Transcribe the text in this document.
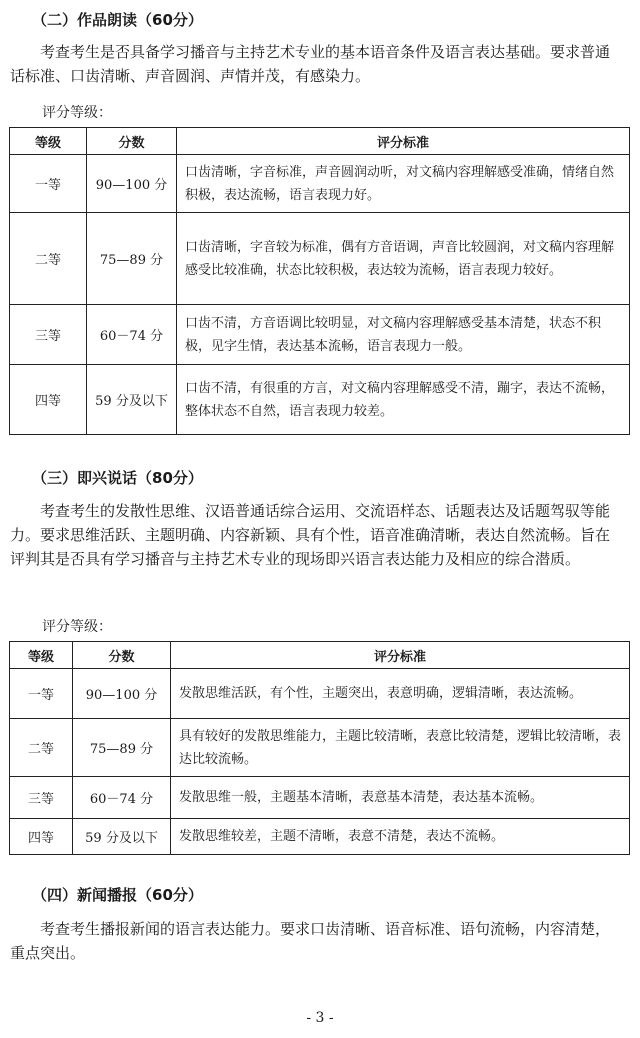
（二）作品朗读（60分）
考查考生是否具备学习播音与主持艺术专业的基本语音条件及语言表达基础。要求普通话标准、口齿清晰、声音圆润、声情并茂，有感染力。
评分等级：
等级	分数	评分标准
一等	90—100 分	口齿清晰，字音标准，声音圆润动听，对文稿内容理解感受准确，情绪自然积极，表达流畅，语言表现力好。
二等	75—89 分	口齿清晰，字音较为标准，偶有方音语调，声音比较圆润，对文稿内容理解感受比较准确，状态比较积极，表达较为流畅，语言表现力较好。
三等	60－74 分	口齿不清，方音语调比较明显，对文稿内容理解感受基本清楚，状态不积极，见字生情，表达基本流畅，语言表现力一般。
四等	59 分及以下	口齿不清，有很重的方言，对文稿内容理解感受不清，蹦字，表达不流畅，整体状态不自然，语言表现力较差。
（三）即兴说话（80分）
考查考生的发散性思维、汉语普通话综合运用、交流语样态、话题表达及话题驾驭等能力。要求思维活跃、主题明确、内容新颖、具有个性，语音准确清晰，表达自然流畅。旨在评判其是否具有学习播音与主持艺术专业的现场即兴语言表达能力及相应的综合潜质。
评分等级：
等级	分数	评分标准
一等	90—100 分	发散思维活跃，有个性，主题突出，表意明确，逻辑清晰，表达流畅。
二等	75—89 分	具有较好的发散思维能力，主题比较清晰，表意比较清楚，逻辑比较清晰，表达比较流畅。
三等	60－74 分	发散思维一般，主题基本清晰，表意基本清楚，表达基本流畅。
四等	59 分及以下	发散思维较差，主题不清晰，表意不清楚，表达不流畅。
（四）新闻播报（60分）
考查考生播报新闻的语言表达能力。要求口齿清晰、语音标准、语句流畅，内容清楚，重点突出。
- 3 -
